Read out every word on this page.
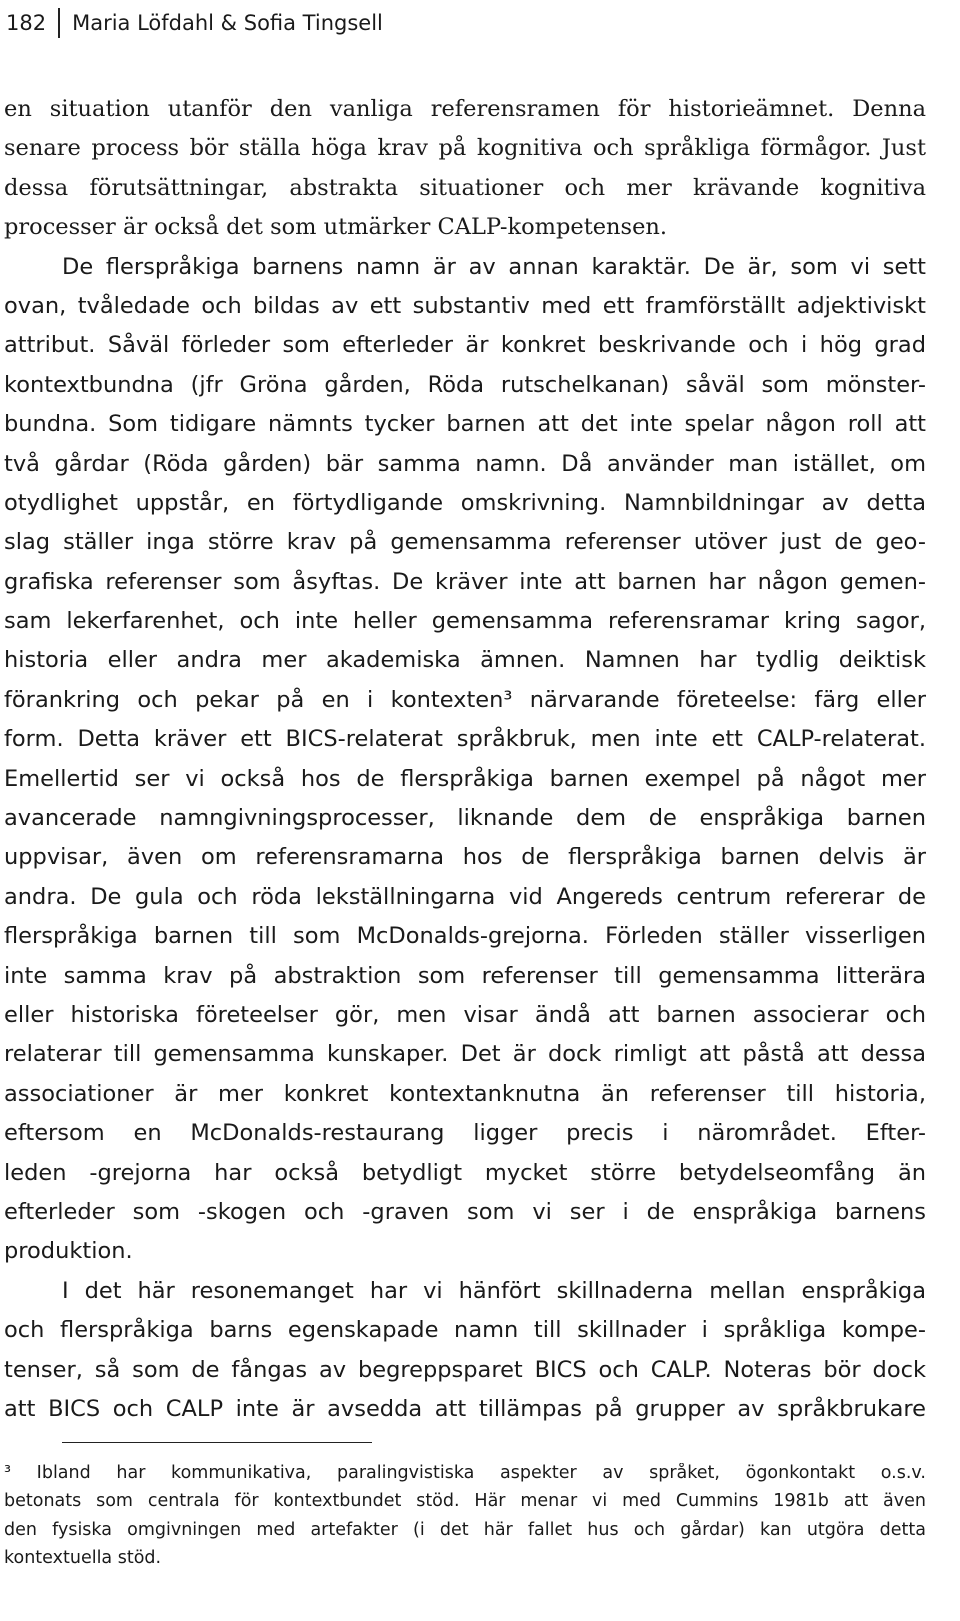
182	Maria Löfdahl & Sofia Tingsell
en situation utanför den vanliga referensramen för historieämnet. Denna
senare process bör ställa höga krav på kognitiva och språkliga förmågor. Just
dessa förutsättningar, abstrakta situationer och mer krävande kognitiva
processer är också det som utmärker CALP-kompetensen.
De flerspråkiga barnens namn är av annan karaktär. De är, som vi sett
ovan, tvåledade och bildas av ett substantiv med ett framförställt adjektiviskt
attribut. Såväl förleder som efterleder är konkret beskrivande och i hög grad
kontextbundna (jfr Gröna gården, Röda rutschelkanan) såväl som mönster-
bundna. Som tidigare nämnts tycker barnen att det inte spelar någon roll att
två gårdar (Röda gården) bär samma namn. Då använder man istället, om
otydlighet uppstår, en förtydligande omskrivning. Namnbildningar av detta
slag ställer inga större krav på gemensamma referenser utöver just de geo-
grafiska referenser som åsyftas. De kräver inte att barnen har någon gemen-
sam lekerfarenhet, och inte heller gemensamma referensramar kring sagor,
historia eller andra mer akademiska ämnen. Namnen har tydlig deiktisk
förankring och pekar på en i kontexten³ närvarande företeelse: färg eller
form. Detta kräver ett BICS-relaterat språkbruk, men inte ett CALP-relaterat.
Emellertid ser vi också hos de flerspråkiga barnen exempel på något mer
avancerade namngivningsprocesser, liknande dem de enspråkiga barnen
uppvisar, även om referensramarna hos de flerspråkiga barnen delvis är
andra. De gula och röda lekställningarna vid Angereds centrum refererar de
flerspråkiga barnen till som McDonalds-grejorna. Förleden ställer visserligen
inte samma krav på abstraktion som referenser till gemensamma litterära
eller historiska företeelser gör, men visar ändå att barnen associerar och
relaterar till gemensamma kunskaper. Det är dock rimligt att påstå att dessa
associationer är mer konkret kontextanknutna än referenser till historia,
eftersom en McDonalds-restaurang ligger precis i närområdet. Efter-
leden -grejorna har också betydligt mycket större betydelseomfång än
efterleder som -skogen och -graven som vi ser i de enspråkiga barnens
produktion.
I det här resonemanget har vi hänfört skillnaderna mellan enspråkiga
och flerspråkiga barns egenskapade namn till skillnader i språkliga kompe-
tenser, så som de fångas av begreppsparet BICS och CALP. Noteras bör dock
att BICS och CALP inte är avsedda att tillämpas på grupper av språkbrukare
³ Ibland har kommunikativa, paralingvistiska aspekter av språket, ögonkontakt o.s.v.
betonats som centrala för kontextbundet stöd. Här menar vi med Cummins 1981b att även
den fysiska omgivningen med artefakter (i det här fallet hus och gårdar) kan utgöra detta
kontextuella stöd.
